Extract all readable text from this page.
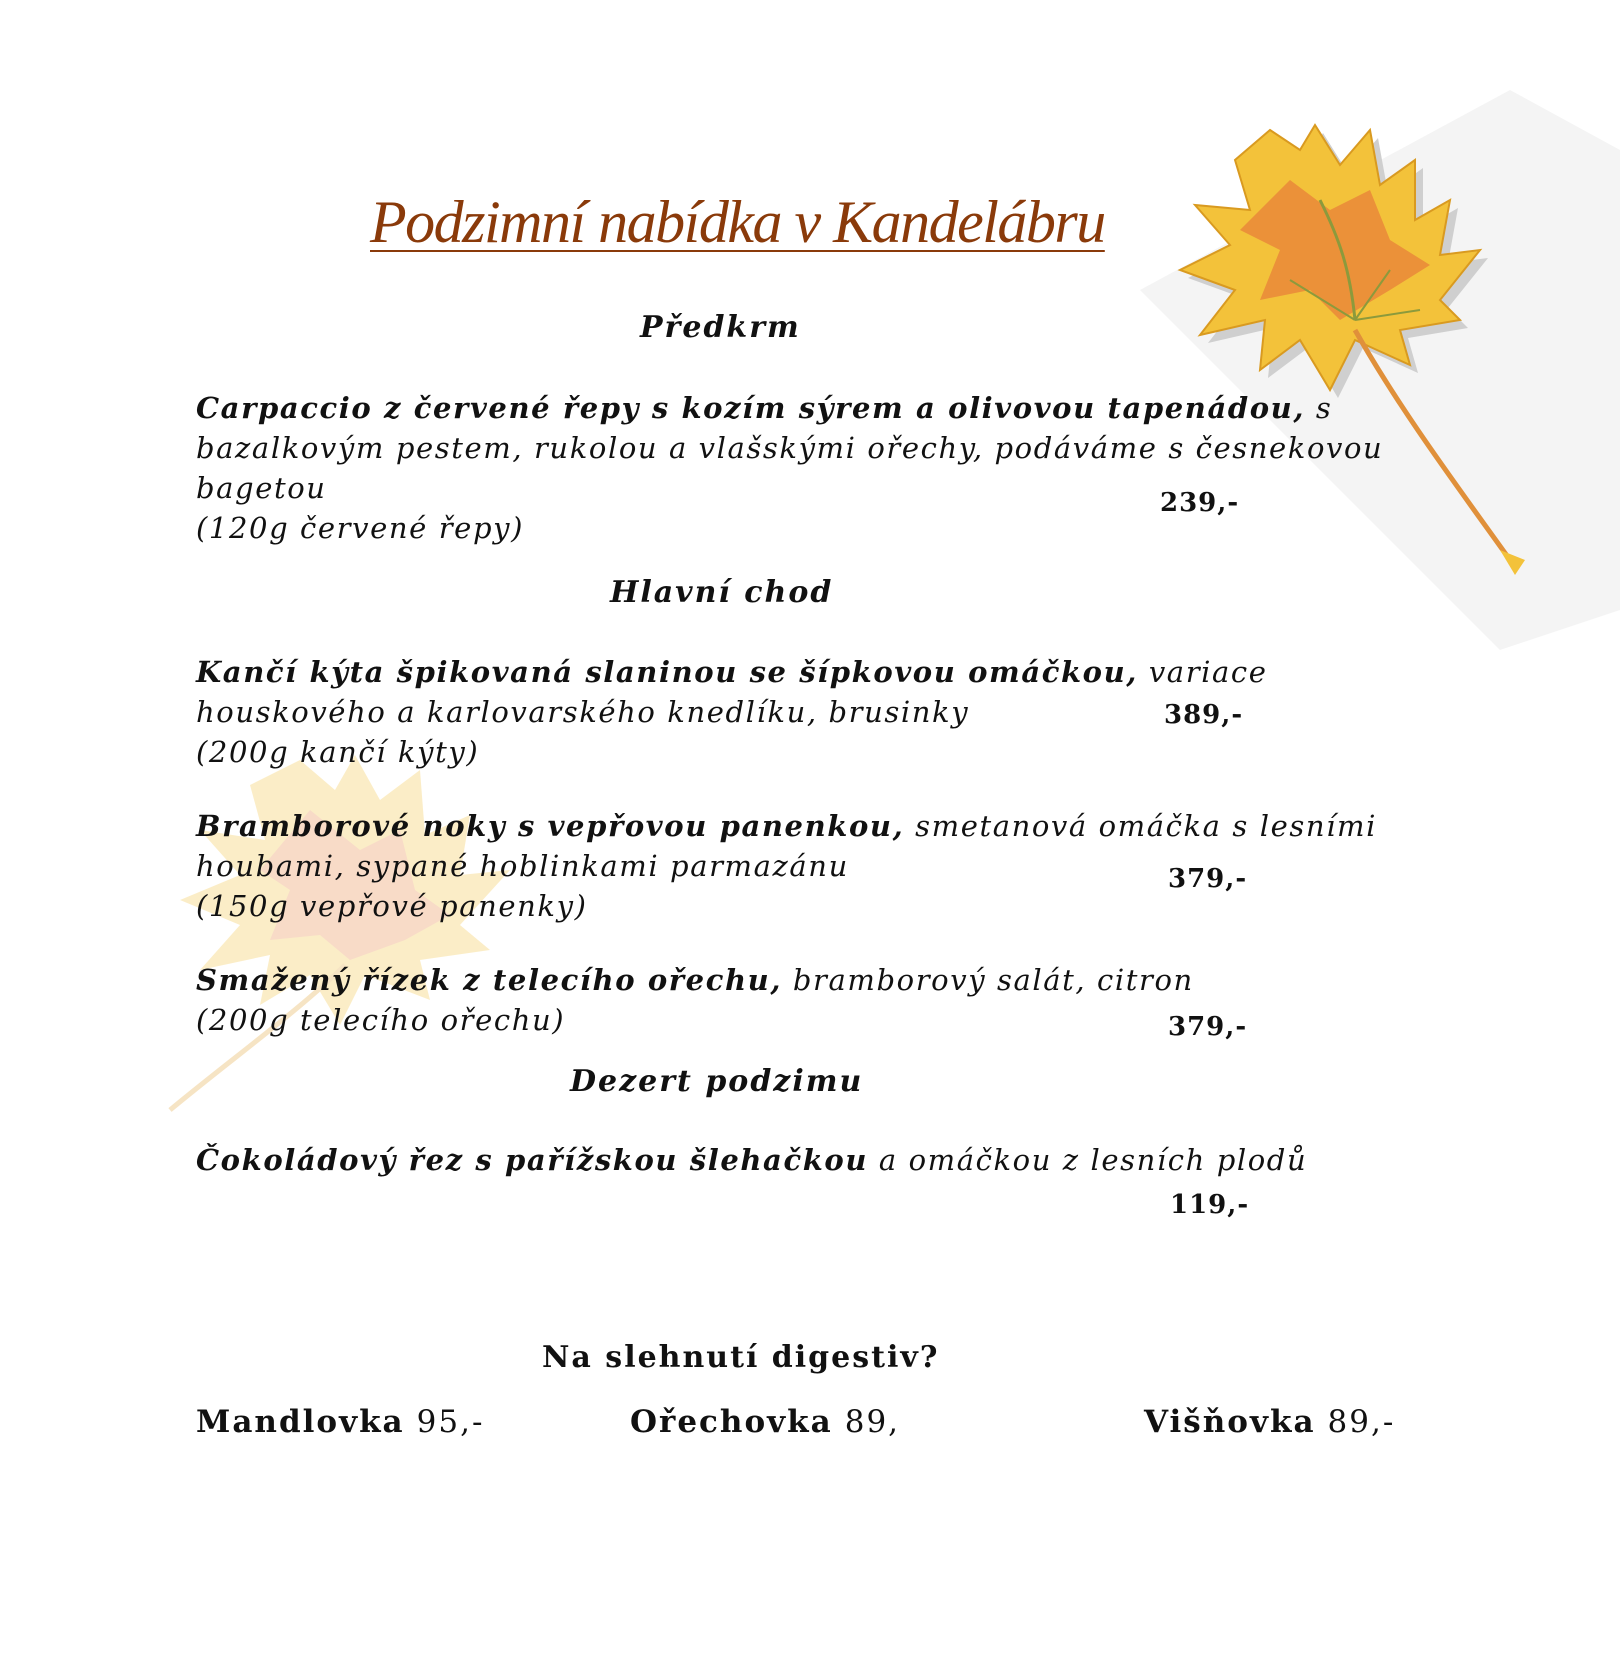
Podzimní nabídka v Kandelábru
Předkrm
Carpaccio z červené řepy s kozím sýrem a olivovou tapenádou, s bazalkovým pestem, rukolou a vlašskými ořechy, podáváme s česnekovou bagetou
(120g červené řepy)
239,-
Hlavní chod
Kančí kýta špikovaná slaninou se šípkovou omáčkou, variace houskového a karlovarského knedlíku, brusinky
(200g kančí kýty)
389,-
Bramborové noky s vepřovou panenkou, smetanová omáčka s lesními houbami, sypané hoblinkami parmazánu
(150g vepřové panenky)
379,-
Smažený řízek z telecího ořechu, bramborový salát, citron
(200g telecího ořechu)	379,-
Dezert podzimu
Čokoládový řez s pařížskou šlehačkou a omáčkou z lesních plodů
119,-
Na slehnutí digestiv?
Mandlovka 95,-	Ořechovka 89,	Višňovka 89,-
